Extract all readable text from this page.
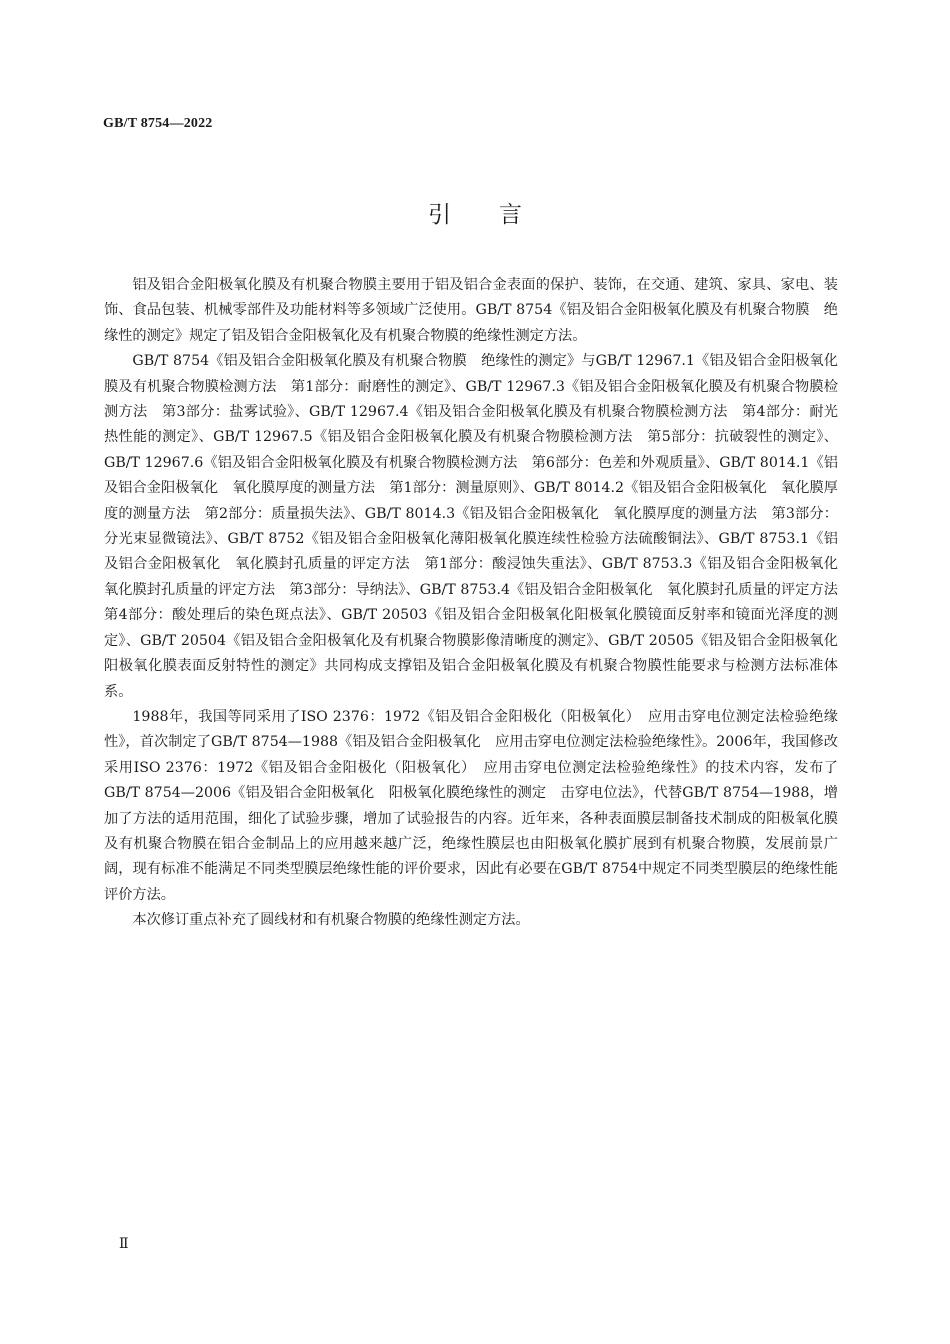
GB/T 8754—2022
引言

铝及铝合金阳极氧化膜及有机聚合物膜主要用于铝及铝合金表面的保护、装饰，在交通、建筑、家具、家电、装饰、食品包装、机械零部件及功能材料等多领域广泛使用。GB/T 8754《铝及铝合金阳极氧化膜及有机聚合物膜　绝缘性的测定》规定了铝及铝合金阳极氧化及有机聚合物膜的绝缘性测定方法。

GB/T 8754《铝及铝合金阳极氧化膜及有机聚合物膜　绝缘性的测定》与GB/T 12967.1《铝及铝合金阳极氧化膜及有机聚合物膜检测方法　第1部分：耐磨性的测定》、GB/T 12967.3《铝及铝合金阳极氧化膜及有机聚合物膜检测方法　第3部分：盐雾试验》、GB/T 12967.4《铝及铝合金阳极氧化膜及有机聚合物膜检测方法　第4部分：耐光热性能的测定》、GB/T 12967.5《铝及铝合金阳极氧化膜及有机聚合物膜检测方法　第5部分：抗破裂性的测定》、GB/T 12967.6《铝及铝合金阳极氧化膜及有机聚合物膜检测方法　第6部分：色差和外观质量》、GB/T 8014.1《铝及铝合金阳极氧化　氧化膜厚度的测量方法　第1部分：测量原则》、GB/T 8014.2《铝及铝合金阳极氧化　氧化膜厚度的测量方法　第2部分：质量损失法》、GB/T 8014.3《铝及铝合金阳极氧化　氧化膜厚度的测量方法　第3部分：分光束显微镜法》、GB/T 8752《铝及铝合金阳极氧化薄阳极氧化膜连续性检验方法硫酸铜法》、GB/T 8753.1《铝及铝合金阳极氧化　氧化膜封孔质量的评定方法　第1部分：酸浸蚀失重法》、GB/T 8753.3《铝及铝合金阳极氧化　氧化膜封孔质量的评定方法　第3部分：导纳法》、GB/T 8753.4《铝及铝合金阳极氧化　氧化膜封孔质量的评定方法　第4部分：酸处理后的染色斑点法》、GB/T 20503《铝及铝合金阳极氧化阳极氧化膜镜面反射率和镜面光泽度的测定》、GB/T 20504《铝及铝合金阳极氧化及有机聚合物膜影像清晰度的测定》、GB/T 20505《铝及铝合金阳极氧化阳极氧化膜表面反射特性的测定》共同构成支撑铝及铝合金阳极氧化膜及有机聚合物膜性能要求与检测方法标准体系。

1988年，我国等同采用了ISO 2376：1972《铝及铝合金阳极化（阳极氧化）　应用击穿电位测定法检验绝缘性》，首次制定了GB/T 8754—1988《铝及铝合金阳极氧化　应用击穿电位测定法检验绝缘性》。2006年，我国修改采用ISO 2376：1972《铝及铝合金阳极化（阳极氧化）　应用击穿电位测定法检验绝缘性》的技术内容，发布了GB/T 8754—2006《铝及铝合金阳极氧化　阳极氧化膜绝缘性的测定　击穿电位法》，代替GB/T 8754—1988，增加了方法的适用范围，细化了试验步骤，增加了试验报告的内容。近年来，各种表面膜层制备技术制成的阳极氧化膜及有机聚合物膜在铝合金制品上的应用越来越广泛，绝缘性膜层也由阳极氧化膜扩展到有机聚合物膜，发展前景广阔，现有标准不能满足不同类型膜层绝缘性能的评价要求，因此有必要在GB/T 8754中规定不同类型膜层的绝缘性能评价方法。

本次修订重点补充了圆线材和有机聚合物膜的绝缘性测定方法。

Ⅱ
